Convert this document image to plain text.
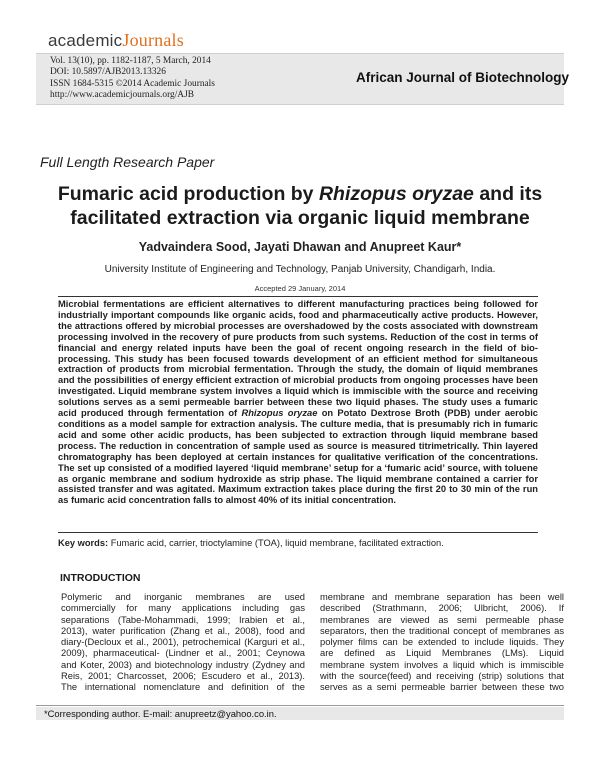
academicJournals
Vol. 13(10), pp. 1182-1187, 5 March, 2014
DOI: 10.5897/AJB2013.13326
ISSN 1684-5315 ©2014 Academic Journals
http://www.academicjournals.org/AJB
African Journal of Biotechnology
Full Length Research Paper
Fumaric acid production by Rhizopus oryzae and its
facilitated extraction via organic liquid membrane
Yadvaindera Sood, Jayati Dhawan and Anupreet Kaur*
University Institute of Engineering and Technology, Panjab University, Chandigarh, India.
Accepted 29 January, 2014
Microbial fermentations are efficient alternatives to different manufacturing practices being followed for industrially important compounds like organic acids, food and pharmaceutically active products. However, the attractions offered by microbial processes are overshadowed by the costs associated with downstream processing involved in the recovery of pure products from such systems. Reduction of the cost in terms of financial and energy related inputs have been the goal of recent ongoing research in the field of bio-processing. This study has been focused towards development of an efficient method for simultaneous extraction of products from microbial fermentation. Through the study, the domain of liquid membranes and the possibilities of energy efficient extraction of microbial products from ongoing processes have been investigated. Liquid membrane system involves a liquid which is immiscible with the source and receiving solutions serves as a semi permeable barrier between these two liquid phases. The study uses a fumaric acid produced through fermentation of Rhizopus oryzae on Potato Dextrose Broth (PDB) under aerobic conditions as a model sample for extraction analysis. The culture media, that is presumably rich in fumaric acid and some other acidic products, has been subjected to extraction through liquid membrane based process. The reduction in concentration of sample used as source is measured titrimetrically. Thin layered chromatography has been deployed at certain instances for qualitative verification of the concentrations. The set up consisted of a modified layered ‘liquid membrane’ setup for a ‘fumaric acid’ source, with toluene as organic membrane and sodium hydroxide as strip phase. The liquid membrane contained a carrier for assisted transfer and was agitated. Maximum extraction takes place during the first 20 to 30 min of the run as fumaric acid concentration falls to almost 40% of its initial concentration.
Key words: Fumaric acid, carrier, trioctylamine (TOA), liquid membrane, facilitated extraction.
INTRODUCTION
Polymeric and inorganic membranes are used
commercially for many applications including gas
separations (Tabe-Mohammadi, 1999; Irabien et al.,
2013), water purification (Zhang et al., 2008), food and
diary-(Decloux et al., 2001), petrochemical (Karguri et al.,
2009), pharmaceutical- (Lindner et al., 2001; Ceynowa
and Koter, 2003) and biotechnology industry (Zydney and
Reis, 2001; Charcosset, 2006; Escudero et al., 2013).
The international nomenclature and definition of the
membrane and membrane separation has been well
described (Strathmann, 2006; Ulbricht, 2006). If
membranes are viewed as semi permeable phase
separators, then the traditional concept of membranes as
polymer films can be extended to include liquids. They
are defined as Liquid Membranes (LMs). Liquid
membrane system involves a liquid which is immiscible
with the source(feed) and receiving (strip) solutions that
serves as a semi permeable barrier between these two
*Corresponding author. E-mail: anupreetz@yahoo.co.in.
